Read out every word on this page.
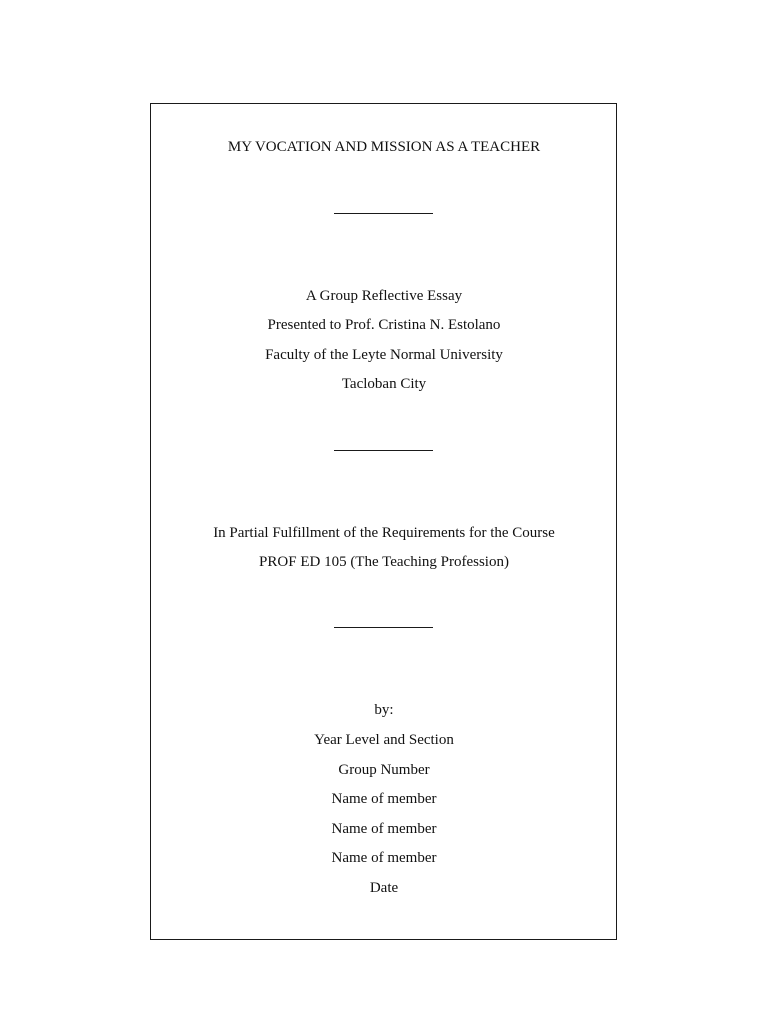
MY VOCATION AND MISSION AS A TEACHER
A Group Reflective Essay
Presented to Prof. Cristina N. Estolano
Faculty of the Leyte Normal University
Tacloban City
In Partial Fulfillment of the Requirements for the Course
PROF ED 105 (The Teaching Profession)
by:
Year Level and Section
Group Number
Name of member
Name of member
Name of member
Date
